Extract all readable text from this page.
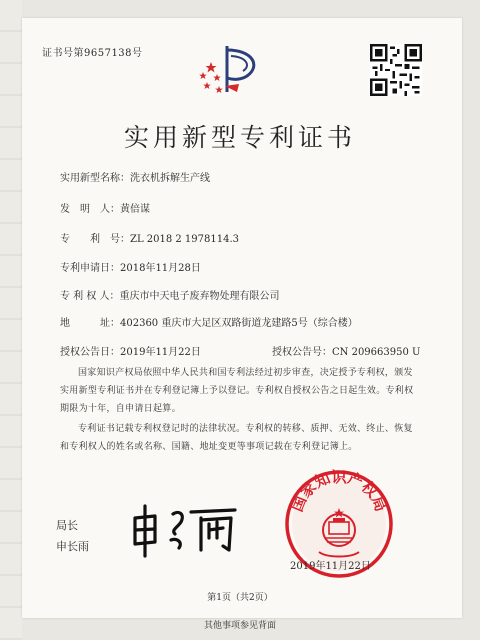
证书号第9657138号
实用新型专利证书
实用新型名称：洗衣机拆解生产线
发　明　人：黄倍谋
专　　利　号：ZL 2018 2 1978114.3
专利申请日：2018年11月28日
专 利 权 人：重庆市中天电子废弃物处理有限公司
地　　　址：402360 重庆市大足区双路街道龙建路5号（综合楼）
授权公告日：2019年11月22日	授权公告号：CN 209663950 U
国家知识产权局依照中华人民共和国专利法经过初步审查，决定授予专利权，颁发实用新型专利证书并在专利登记簿上予以登记。专利权自授权公告之日起生效。专利权期限为十年，自申请日起算。
专利证书记载专利权登记时的法律状况。专利权的转移、质押、无效、终止、恢复和专利权人的姓名或名称、国籍、地址变更等事项记载在专利登记簿上。
局长
申长雨
国家知识产权局
2019年11月22日
第1页（共2页）
其他事项参见背面
